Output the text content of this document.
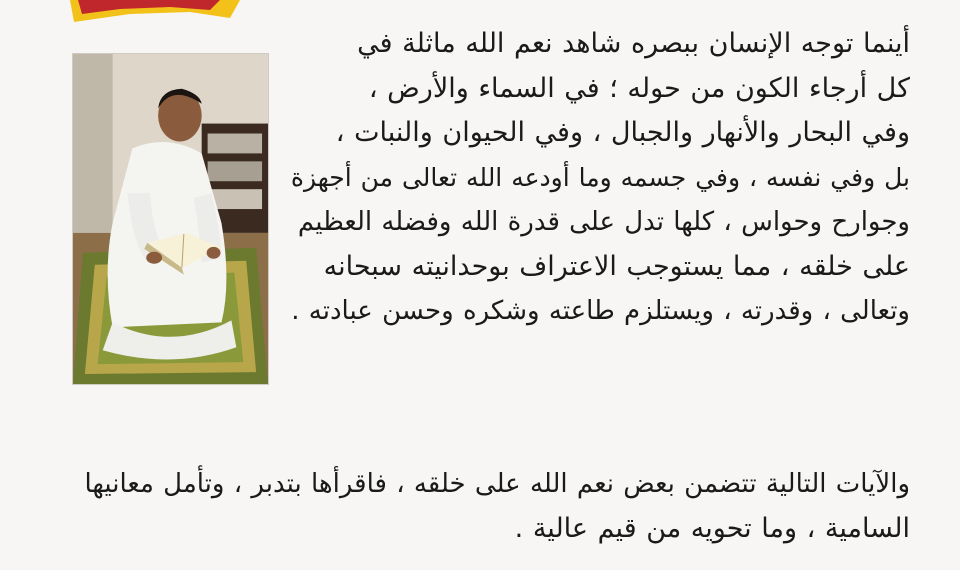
أينما توجه الإنسان ببصره شاهد نعم الله ماثلة في
كل أرجاء الكون من حوله ؛ في السماء والأرض ،
وفي البحار والأنهار والجبال ، وفي الحيوان والنبات ،
بل وفي نفسه ، وفي جسمه وما أودعه الله تعالى من أجهزة
وجوارح وحواس ، كلها تدل على قدرة الله وفضله العظيم
على خلقه ، مما يستوجب الاعتراف بوحدانيته سبحانه
وتعالى ، وقدرته ، ويستلزم طاعته وشكره وحسن عبادته .
والآيات التالية تتضمن بعض نعم الله على خلقه ، فاقرأها بتدبر ، وتأمل معانيها
السامية ، وما تحويه من قيم عالية .
